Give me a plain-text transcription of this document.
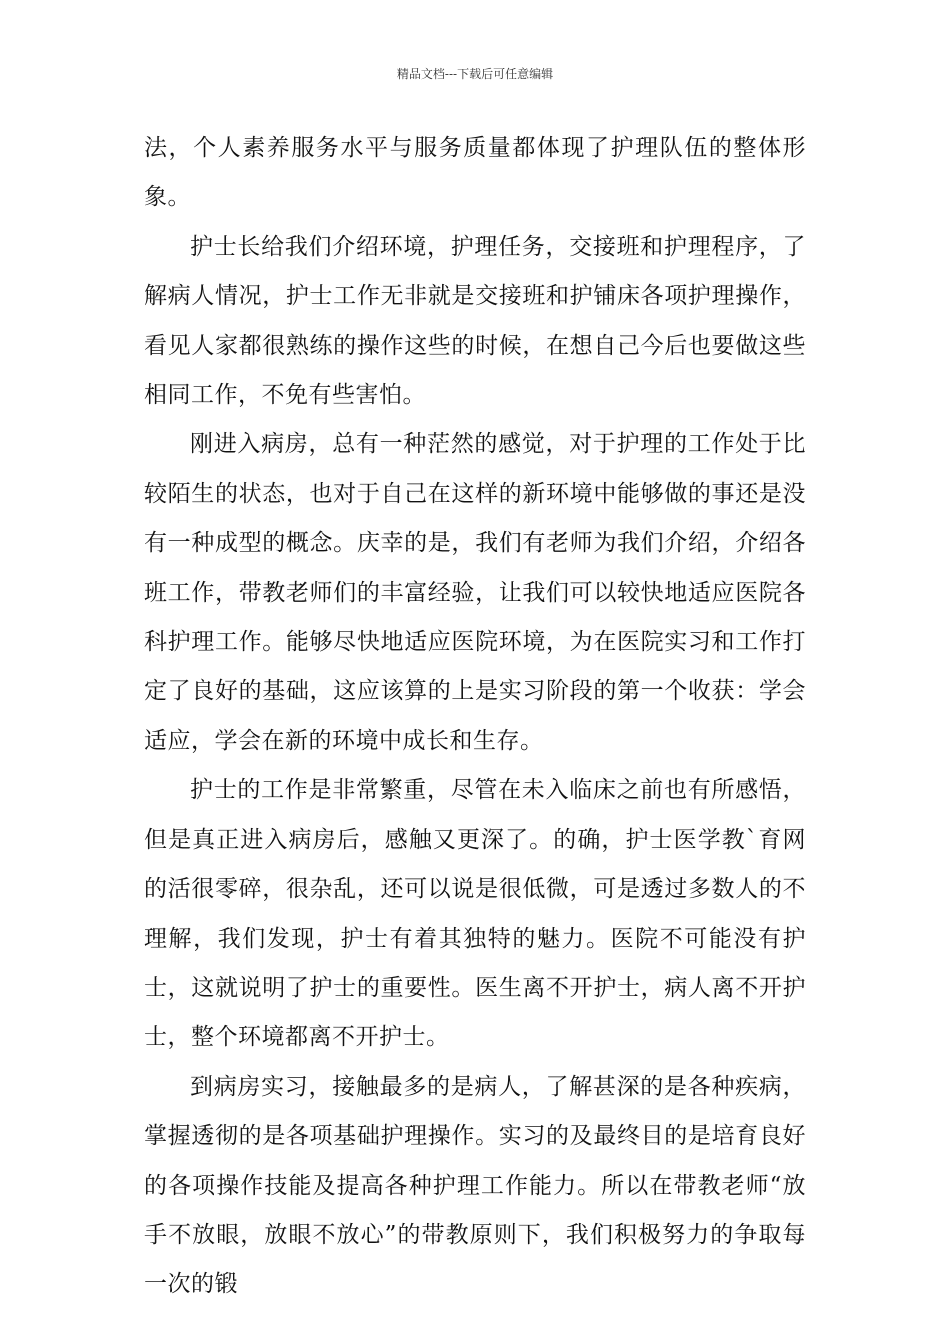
精品文档---下载后可任意编辑

法，个人素养服务水平与服务质量都体现了护理队伍的整体形象。

护士长给我们介绍环境，护理任务，交接班和护理程序，了解病人情况，护士工作无非就是交接班和护铺床各项护理操作，看见人家都很熟练的操作这些的时候，在想自己今后也要做这些相同工作，不免有些害怕。

刚进入病房，总有一种茫然的感觉，对于护理的工作处于比较陌生的状态，也对于自己在这样的新环境中能够做的事还是没有一种成型的概念。庆幸的是，我们有老师为我们介绍，介绍各班工作，带教老师们的丰富经验，让我们可以较快地适应医院各科护理工作。能够尽快地适应医院环境，为在医院实习和工作打定了良好的基础，这应该算的上是实习阶段的第一个收获：学会适应，学会在新的环境中成长和生存。

护士的工作是非常繁重，尽管在未入临床之前也有所感悟，但是真正进入病房后，感触又更深了。的确，护士医学教`育网的活很零碎，很杂乱，还可以说是很低微，可是透过多数人的不理解，我们发现，护士有着其独特的魅力。医院不可能没有护士，这就说明了护士的重要性。医生离不开护士，病人离不开护士，整个环境都离不开护士。

到病房实习，接触最多的是病人，了解甚深的是各种疾病，掌握透彻的是各项基础护理操作。实习的及最终目的是培育良好的各项操作技能及提高各种护理工作能力。所以在带教老师“放手不放眼，放眼不放心”的带教原则下，我们积极努力的争取每一次的锻
